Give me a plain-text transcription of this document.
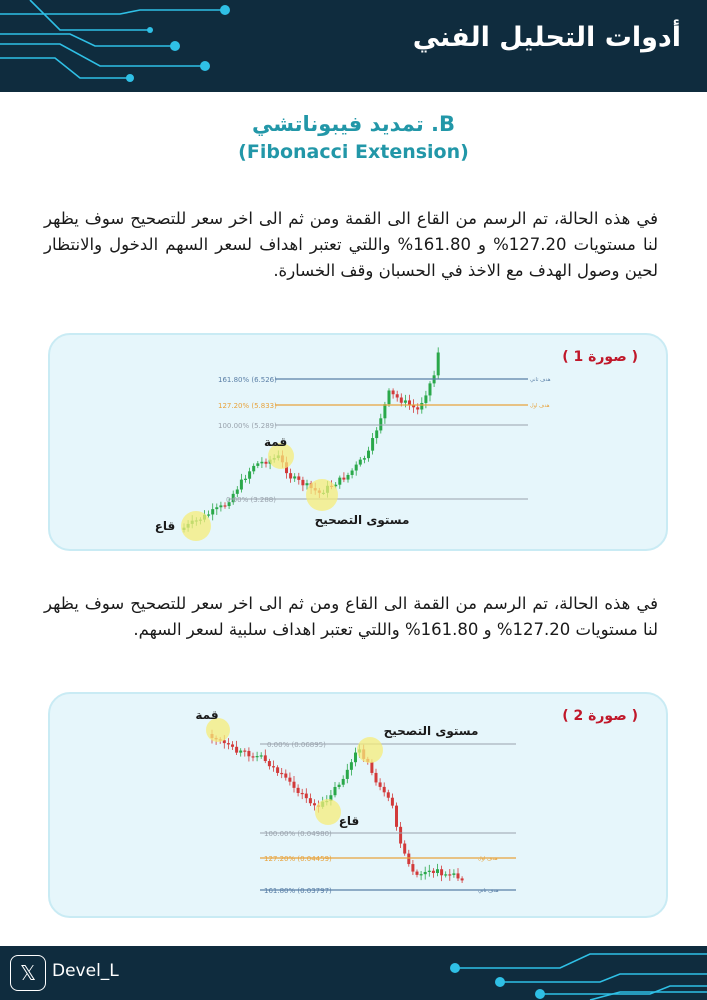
أدوات التحليل الفني
B. تمديد فيبوناتشي
(Fibonacci Extension)
في هذه الحالة، تم الرسم من القاع الى القمة ومن ثم الى اخر سعر للتصحيح سوف يظهر لنا مستويات 127.20% و 161.80% واللتي تعتبر اهداف لسعر السهم الدخول والانتظار لحين وصول الهدف مع الاخذ في الحسبان وقف الخسارة.
( صورة 1 )
161.80% (6.526)
127.20% (5.833)
100.00% (5.289)
0.00% (3.288)
هدف ثاني
هدف اول
قمة
مستوى التصحيح
قاع
في هذه الحالة، تم الرسم من القمة الى القاع ومن ثم الى اخر سعر للتصحيح سوف يظهر لنا مستويات 127.20% و 161.80% واللتي تعتبر اهداف سلبية لسعر السهم.
( صورة 2 )
0.00% (0.06895)
100.00% (0.04980)
127.20% (0.04459)
161.80% (0.03797)
هدف اول
هدف ثاني
قمة
مستوى التصحيح
قاع
𝕏 Devel_L
